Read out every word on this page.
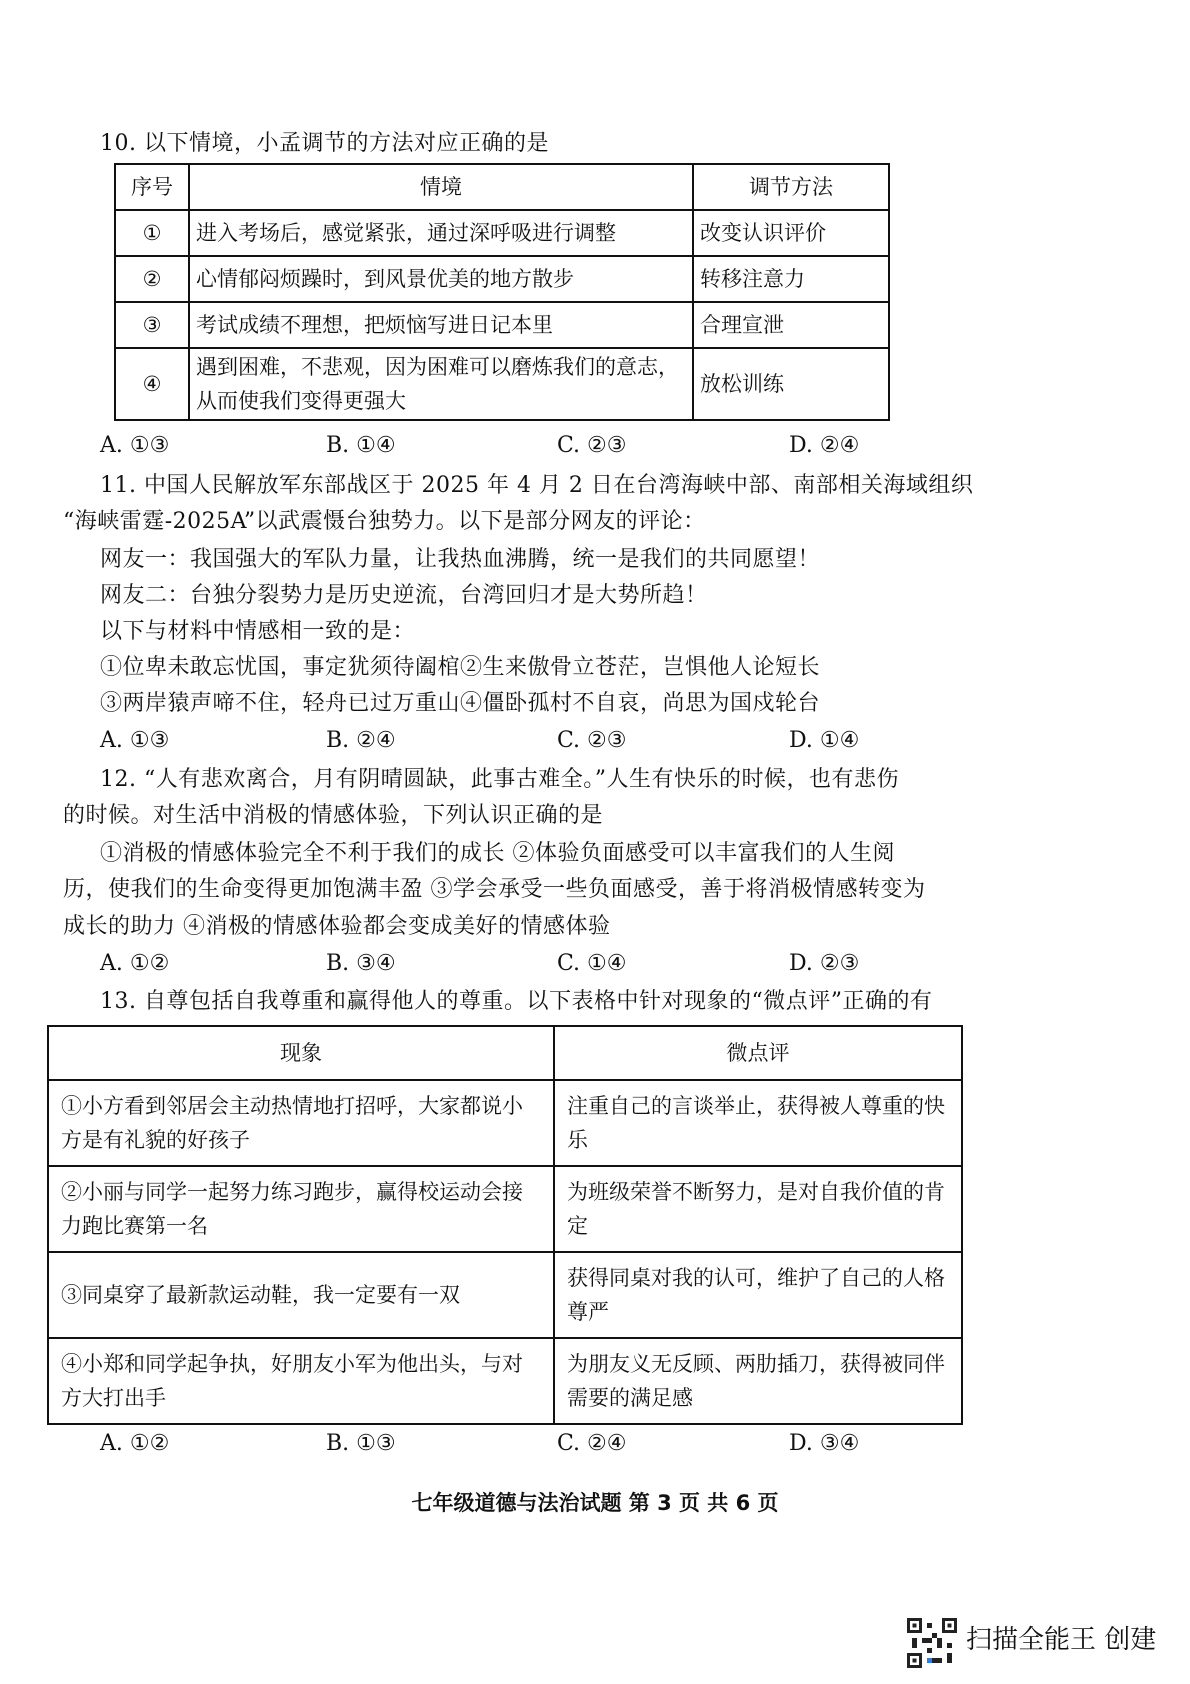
10. 以下情境，小孟调节的方法对应正确的是
序号	情境	调节方法
①	进入考场后，感觉紧张，通过深呼吸进行调整	改变认识评价
②	心情郁闷烦躁时，到风景优美的地方散步	转移注意力
③	考试成绩不理想，把烦恼写进日记本里	合理宣泄
④	遇到困难，不悲观，因为困难可以磨炼我们的意志，从而使我们变得更强大	放松训练
A. ①③	B. ①④	C. ②③	D. ②④
11. 中国人民解放军东部战区于 2025 年 4 月 2 日在台湾海峡中部、南部相关海域组织
“海峡雷霆-2025A”以武震慑台独势力。以下是部分网友的评论：
网友一：我国强大的军队力量，让我热血沸腾，统一是我们的共同愿望！
网友二：台独分裂势力是历史逆流，台湾回归才是大势所趋！
以下与材料中情感相一致的是：
①位卑未敢忘忧国，事定犹须待阖棺②生来傲骨立苍茫，岂惧他人论短长
③两岸猿声啼不住，轻舟已过万重山④僵卧孤村不自哀，尚思为国戍轮台
A. ①③	B. ②④	C. ②③	D. ①④
12. “人有悲欢离合，月有阴晴圆缺，此事古难全。”人生有快乐的时候，也有悲伤
的时候。对生活中消极的情感体验，下列认识正确的是
①消极的情感体验完全不利于我们的成长 ②体验负面感受可以丰富我们的人生阅
历，使我们的生命变得更加饱满丰盈 ③学会承受一些负面感受，善于将消极情感转变为
成长的助力 ④消极的情感体验都会变成美好的情感体验
A. ①②	B. ③④	C. ①④	D. ②③
13. 自尊包括自我尊重和赢得他人的尊重。以下表格中针对现象的“微点评”正确的有
现象	微点评
①小方看到邻居会主动热情地打招呼，大家都说小方是有礼貌的好孩子	注重自己的言谈举止，获得被人尊重的快乐
②小丽与同学一起努力练习跑步，赢得校运动会接力跑比赛第一名	为班级荣誉不断努力，是对自我价值的肯定
③同桌穿了最新款运动鞋，我一定要有一双	获得同桌对我的认可，维护了自己的人格尊严
④小郑和同学起争执，好朋友小军为他出头，与对方大打出手	为朋友义无反顾、两肋插刀，获得被同伴需要的满足感
A. ①②	B. ①③	C. ②④	D. ③④
七年级道德与法治试题 第 3 页 共 6 页
扫描全能王 创建
